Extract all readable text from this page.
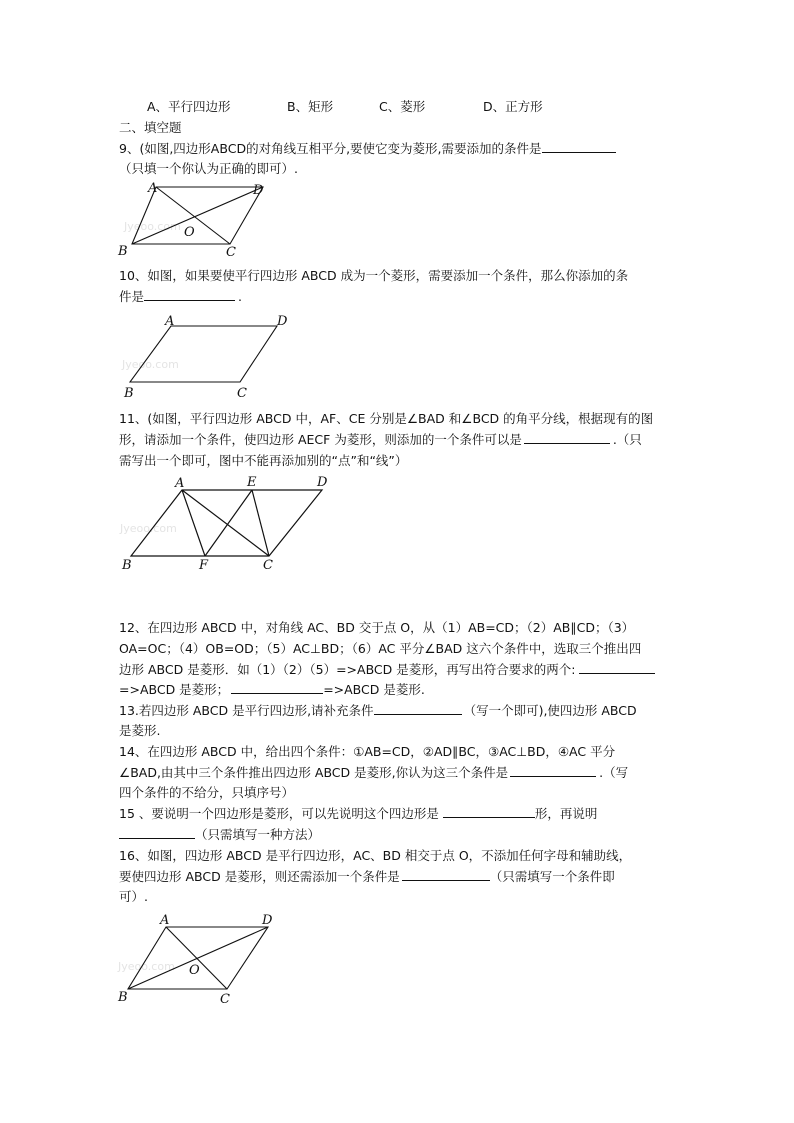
A、平行四边形	B、矩形	C、菱形	D、正方形
二、填空题
9、(如图,四边形ABCD的对角线互相平分,要使它变为菱形,需要添加的条件是
（只填一个你认为正确的即可）.
Jyeoo.com
A	D
B	C
O
10、如图，如果要使平行四边形 ABCD 成为一个菱形，需要添加一个条件，那么你添加的条
件是	.
Jyeoo.com
A	D
B	C
11、(如图，平行四边形 ABCD 中，AF、CE 分别是∠BAD 和∠BCD 的角平分线，根据现有的图
形，请添加一个条件，使四边形 AECF 为菱形，则添加的一个条件可以是	.（只
需写出一个即可，图中不能再添加别的“点”和“线”）
Jyeoo.com
A	E	D
B	F	C
12、在四边形 ABCD 中，对角线 AC、BD 交于点 O，从（1）AB=CD；（2）AB∥CD；（3）
OA=OC；（4）OB=OD；（5）AC⊥BD；（6）AC 平分∠BAD 这六个条件中，选取三个推出四
边形 ABCD 是菱形．如（1）（2）（5）=>ABCD 是菱形，再写出符合要求的两个:
=>ABCD 是菱形；	=>ABCD 是菱形.
13.若四边形 ABCD 是平行四边形,请补充条件	（写一个即可),使四边形 ABCD
是菱形.
14、在四边形 ABCD 中，给出四个条件：①AB=CD，②AD∥BC，③AC⊥BD，④AC 平分
∠BAD,由其中三个条件推出四边形 ABCD 是菱形,你认为这三个条件是	.（写
四个条件的不给分，只填序号）
15 、要说明一个四边形是菱形，可以先说明这个四边形是	形，再说明
（只需填写一种方法）
16、如图，四边形 ABCD 是平行四边形，AC、BD 相交于点 O，不添加任何字母和辅助线，
要使四边形 ABCD 是菱形，则还需添加一个条件是	（只需填写一个条件即
可）.
Jyeoo.com
A	D
B	C
O
